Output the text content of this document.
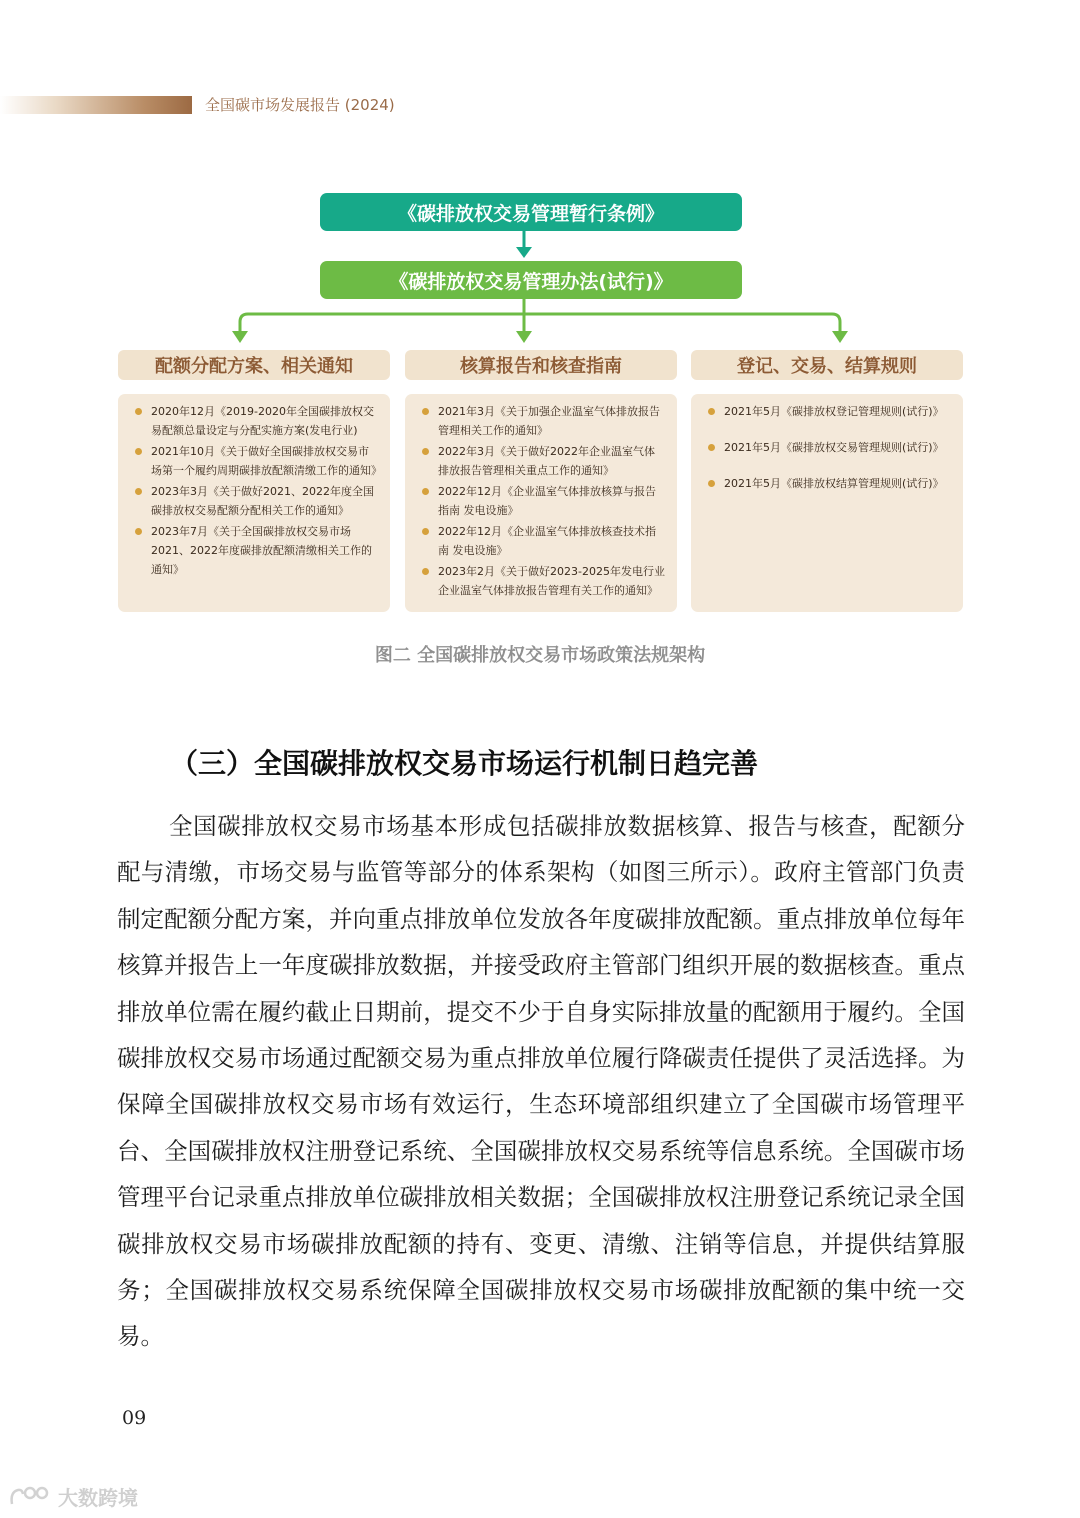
全国碳市场发展报告 (2024)
《碳排放权交易管理暂行条例》
《碳排放权交易管理办法(试行)》
配额分配方案、相关通知	核算报告和核查指南	登记、交易、结算规则
2020年12月《2019-2020年全国碳排放权交易配额总量设定与分配实施方案(发电行业)
2021年10月《关于做好全国碳排放权交易市场第一个履约周期碳排放配额清缴工作的通知》
2023年3月《关于做好2021、2022年度全国碳排放权交易配额分配相关工作的通知》
2023年7月《关于全国碳排放权交易市场2021、2022年度碳排放配额清缴相关工作的通知》
2021年3月《关于加强企业温室气体排放报告管理相关工作的通知》
2022年3月《关于做好2022年企业温室气体排放报告管理相关重点工作的通知》
2022年12月《企业温室气体排放核算与报告指南 发电设施》
2022年12月《企业温室气体排放核查技术指南 发电设施》
2023年2月《关于做好2023-2025年发电行业企业温室气体排放报告管理有关工作的通知》
2021年5月《碳排放权登记管理规则(试行)》
2021年5月《碳排放权交易管理规则(试行)》
2021年5月《碳排放权结算管理规则(试行)》
图二 全国碳排放权交易市场政策法规架构
（三）全国碳排放权交易市场运行机制日趋完善

全国碳排放权交易市场基本形成包括碳排放数据核算、报告与核查，配额分配与清缴，市场交易与监管等部分的体系架构（如图三所示）。政府主管部门负责制定配额分配方案，并向重点排放单位发放各年度碳排放配额。重点排放单位每年核算并报告上一年度碳排放数据，并接受政府主管部门组织开展的数据核查。重点排放单位需在履约截止日期前，提交不少于自身实际排放量的配额用于履约。全国碳排放权交易市场通过配额交易为重点排放单位履行降碳责任提供了灵活选择。为保障全国碳排放权交易市场有效运行，生态环境部组织建立了全国碳市场管理平台、全国碳排放权注册登记系统、全国碳排放权交易系统等信息系统。全国碳市场管理平台记录重点排放单位碳排放相关数据；全国碳排放权注册登记系统记录全国碳排放权交易市场碳排放配额的持有、变更、清缴、注销等信息，并提供结算服务；全国碳排放权交易系统保障全国碳排放权交易市场碳排放配额的集中统一交易。

09
大数跨境
